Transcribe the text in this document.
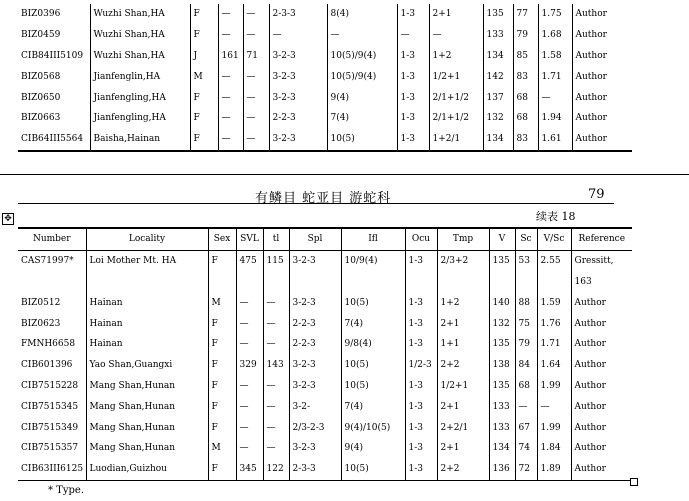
BIZ0396	Wuzhi Shan,HA	F	—	—	2-3-3	8(4)	1-3	2+1	135	77	1.75	Author
BIZ0459	Wuzhi Shan,HA	F	—	—	—	—	—	—	133	79	1.68	Author
CIB84III5109	Wuzhi Shan,HA	J	161	71	3-2-3	10(5)/9(4)	1-3	1+2	134	85	1.58	Author
BIZ0568	Jianfenglin,HA	M	—	—	3-2-3	10(5)/9(4)	1-3	1/2+1	142	83	1.71	Author
BIZ0650	Jianfengling,HA	F	—	—	3-2-3	9(4)	1-3	2/1+1/2	137	68	—	Author
BIZ0663	Jianfengling,HA	F	—	—	2-2-3	7(4)	1-3	2/1+1/2	132	68	1.94	Author
CIB64III5564	Baisha,Hainan	F	—	—	3-2-3	10(5)	1-3	1+2/1	134	83	1.61	Author
有鳞目 蛇亚目 游蛇科	79
✥	续表 18
Number	Locality	Sex	SVL	tl	Spl	Ifl	Ocu	Tmp	V	Sc	V/Sc	Reference
CAS71997*	Loi Mother Mt. HA	F	475	115	3-2-3	10/9(4)	1-3	2/3+2	135	53	2.55	Gressitt,
												163
BIZ0512	Hainan	M	—	—	3-2-3	10(5)	1-3	1+2	140	88	1.59	Author
BIZ0623	Hainan	F	—	—	2-2-3	7(4)	1-3	2+1	132	75	1.76	Author
FMNH6658	Hainan	F	—	—	2-2-3	9/8(4)	1-3	1+1	135	79	1.71	Author
CIB601396	Yao Shan,Guangxi	F	329	143	3-2-3	10(5)	1/2-3	2+2	138	84	1.64	Author
CIB7515228	Mang Shan,Hunan	F	—	—	3-2-3	10(5)	1-3	1/2+1	135	68	1.99	Author
CIB7515345	Mang Shan,Hunan	F	—	—	3-2-	7(4)	1-3	2+1	133	—	—	Author
CIB7515349	Mang Shan,Hunan	F	—	—	2/3-2-3	9(4)/10(5)	1-3	2+2/1	133	67	1.99	Author
CIB7515357	Mang Shan,Hunan	M	—	—	3-2-3	9(4)	1-3	2+1	134	74	1.84	Author
CIB63III6125	Luodian,Guizhou	F	345	122	2-3-3	10(5)	1-3	2+2	136	72	1.89	Author
* Type.
